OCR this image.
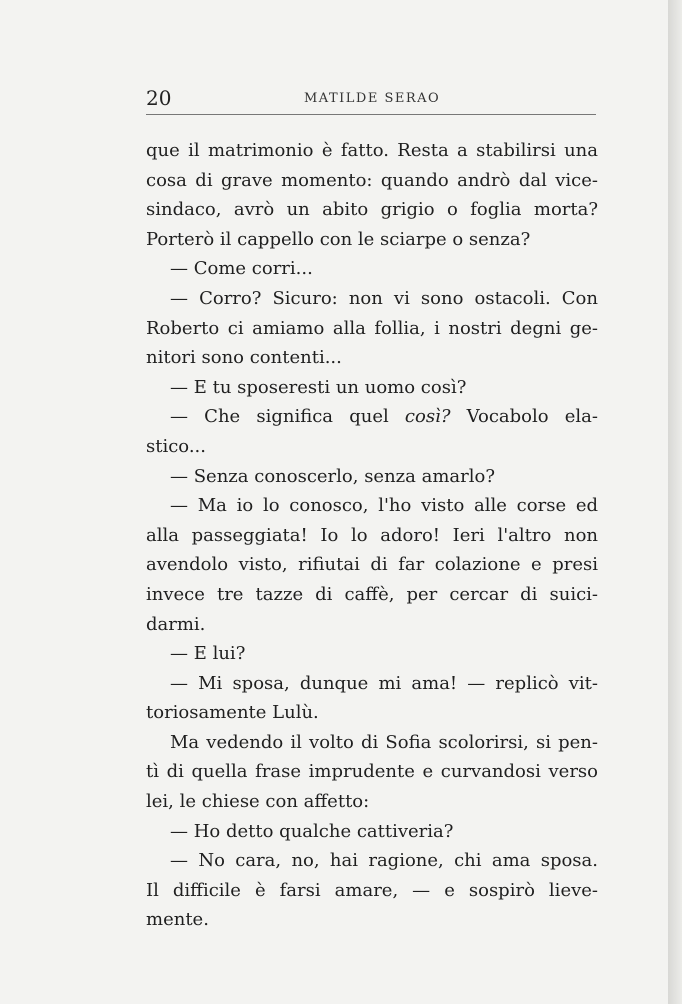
20	MATILDE SERAO
que il matrimonio è fatto. Resta a stabilirsi una
cosa di grave momento: quando andrò dal vice-
sindaco, avrò un abito grigio o foglia morta?
Porterò il cappello con le sciarpe o senza?
— Come corri...
— Corro? Sicuro: non vi sono ostacoli. Con
Roberto ci amiamo alla follia, i nostri degni ge-
nitori sono contenti...
— E tu sposeresti un uomo così?
— Che significa quel così? Vocabolo ela-
stico...
— Senza conoscerlo, senza amarlo?
— Ma io lo conosco, l'ho visto alle corse ed
alla passeggiata! Io lo adoro! Ieri l'altro non
avendolo visto, rifiutai di far colazione e presi
invece tre tazze di caffè, per cercar di suici-
darmi.
— E lui?
— Mi sposa, dunque mi ama! — replicò vit-
toriosamente Lulù.
Ma vedendo il volto di Sofia scolorirsi, si pen-
tì di quella frase imprudente e curvandosi verso
lei, le chiese con affetto:
— Ho detto qualche cattiveria?
— No cara, no, hai ragione, chi ama sposa.
Il difficile è farsi amare, — e sospirò lieve-
mente.
